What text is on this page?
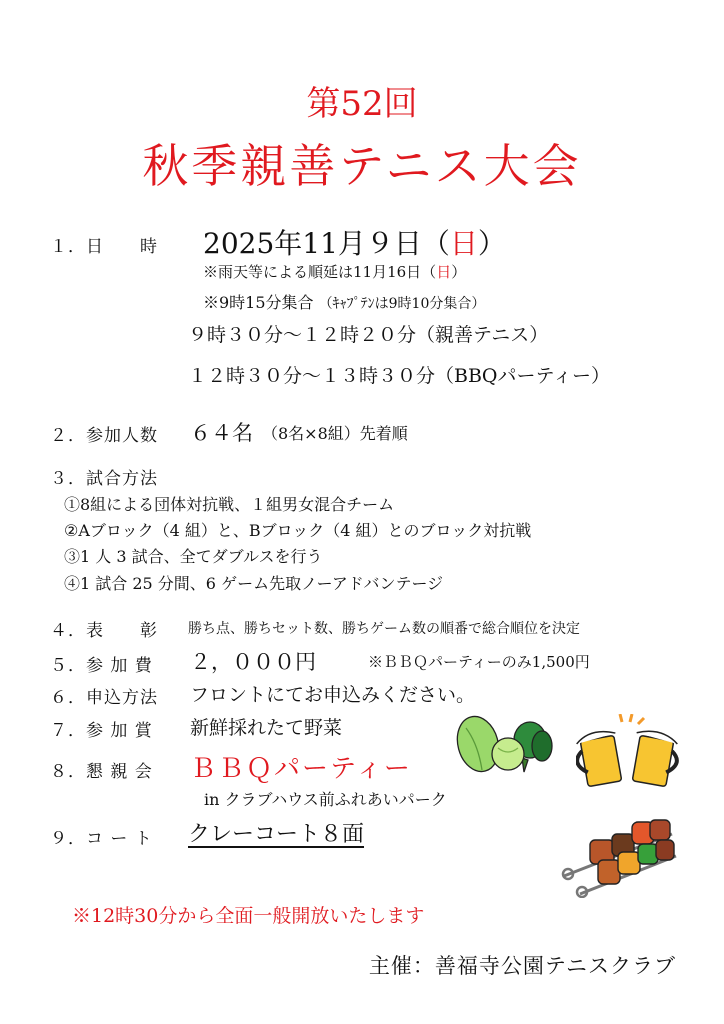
第52回
秋季親善テニス大会
１．日　　時 2025年11月９日（日）
※雨天等による順延は11月16日（日）
※9時15分集合 （ｷｬﾌﾟﾃﾝは9時10分集合）
９時３０分～１２時２０分（親善テニス）
１２時３０分～１３時３０分（BBQパーティー）
２．参加人数 ６４名 （8名×8組）先着順
３．試合方法
①8組による団体対抗戦、１組男女混合チーム
②Aブロック（4 組）と、Bブロック（4 組）とのブロック対抗戦
③1 人 3 試合、全てダブルスを行う
④1 試合 25 分間、6 ゲーム先取ノーアドバンテージ
４．表　　彰 勝ち点、勝ちセット数、勝ちゲーム数の順番で総合順位を決定
５．参 加 費 ２，０００円	※ＢＢＱパーティーのみ1,500円
６．申込方法 フロントにてお申込みください。
７．参 加 賞 新鮮採れたて野菜
８．懇 親 会 ＢＢＱパーティー
in クラブハウス前ふれあいパーク
９．コ ー ト クレーコート８面
※12時30分から全面一般開放いたします
主催：善福寺公園テニスクラブ
